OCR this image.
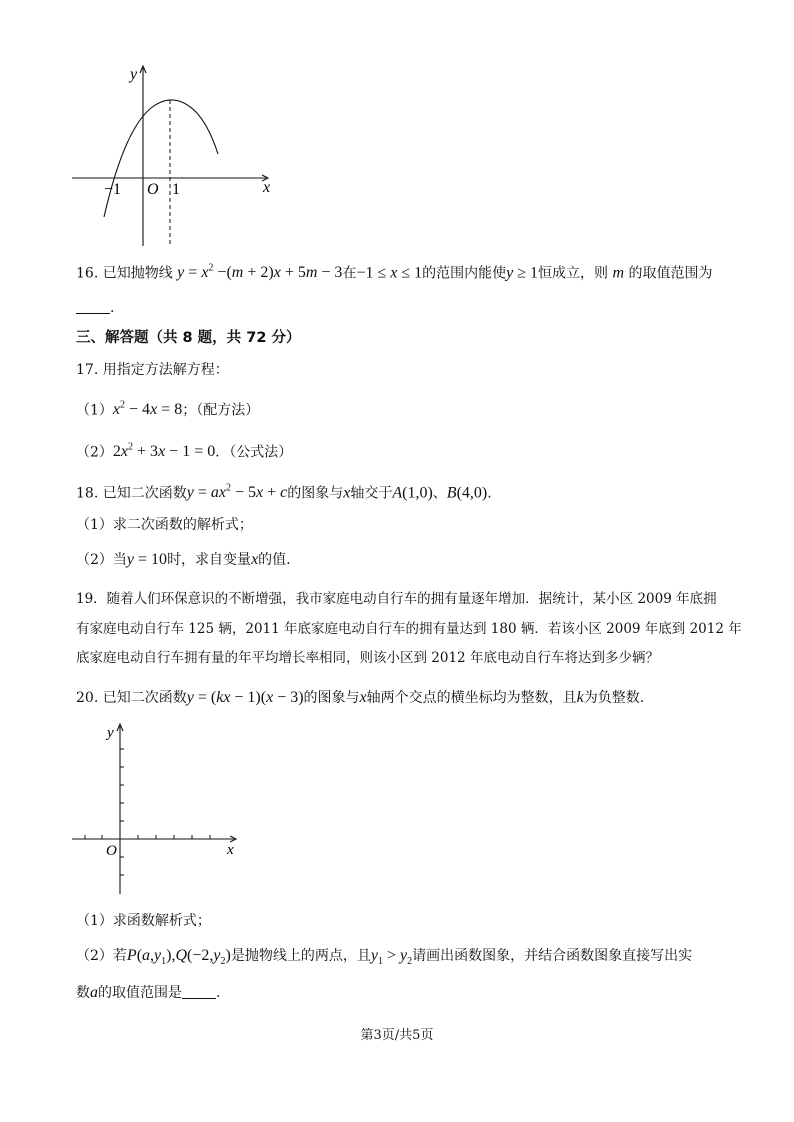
y
x
O
−1	1
16. 已知抛物线 $y = x^2 -(m + 2)x + 5m - 3$在−1 ≤ x ≤ 1的范围内能使y ≥ 1恒成立，则 m 的取值范围为
.
三、解答题（共 8 题，共 72 分）
17. 用指定方法解方程：
$(1)x^2 - 4x = 8$；（配方法）
$(2)2x^2 + 3x - 1 = 0$．（公式法）
18. 已知二次函数$y = ax^2 - 5x + c$的图象与x轴交于A(1,0)、B(4,0).
（1）求二次函数的解析式；
（2）当y = 10时，求自变量x的值.
19．随着人们环保意识的不断增强，我市家庭电动自行车的拥有量逐年增加．据统计，某小区 2009 年底拥
有家庭电动自行车 125 辆，2011 年底家庭电动自行车的拥有量达到 180 辆．若该小区 2009 年底到 2012 年
底家庭电动自行车拥有量的年平均增长率相同，则该小区到 2012 年底电动自行车将达到多少辆？
20. 已知二次函数y = (kx − 1)(x − 3)的图象与x轴两个交点的横坐标均为整数，且k为负整数.
y
x
O
（1）求函数解析式；
（2）若$P(a,y_1),Q(-2,y_2)$是抛物线上的两点，且$y_1 > y_2$请画出函数图象，并结合函数图象直接写出实
数a的取值范围是 .
第3页/共5页
